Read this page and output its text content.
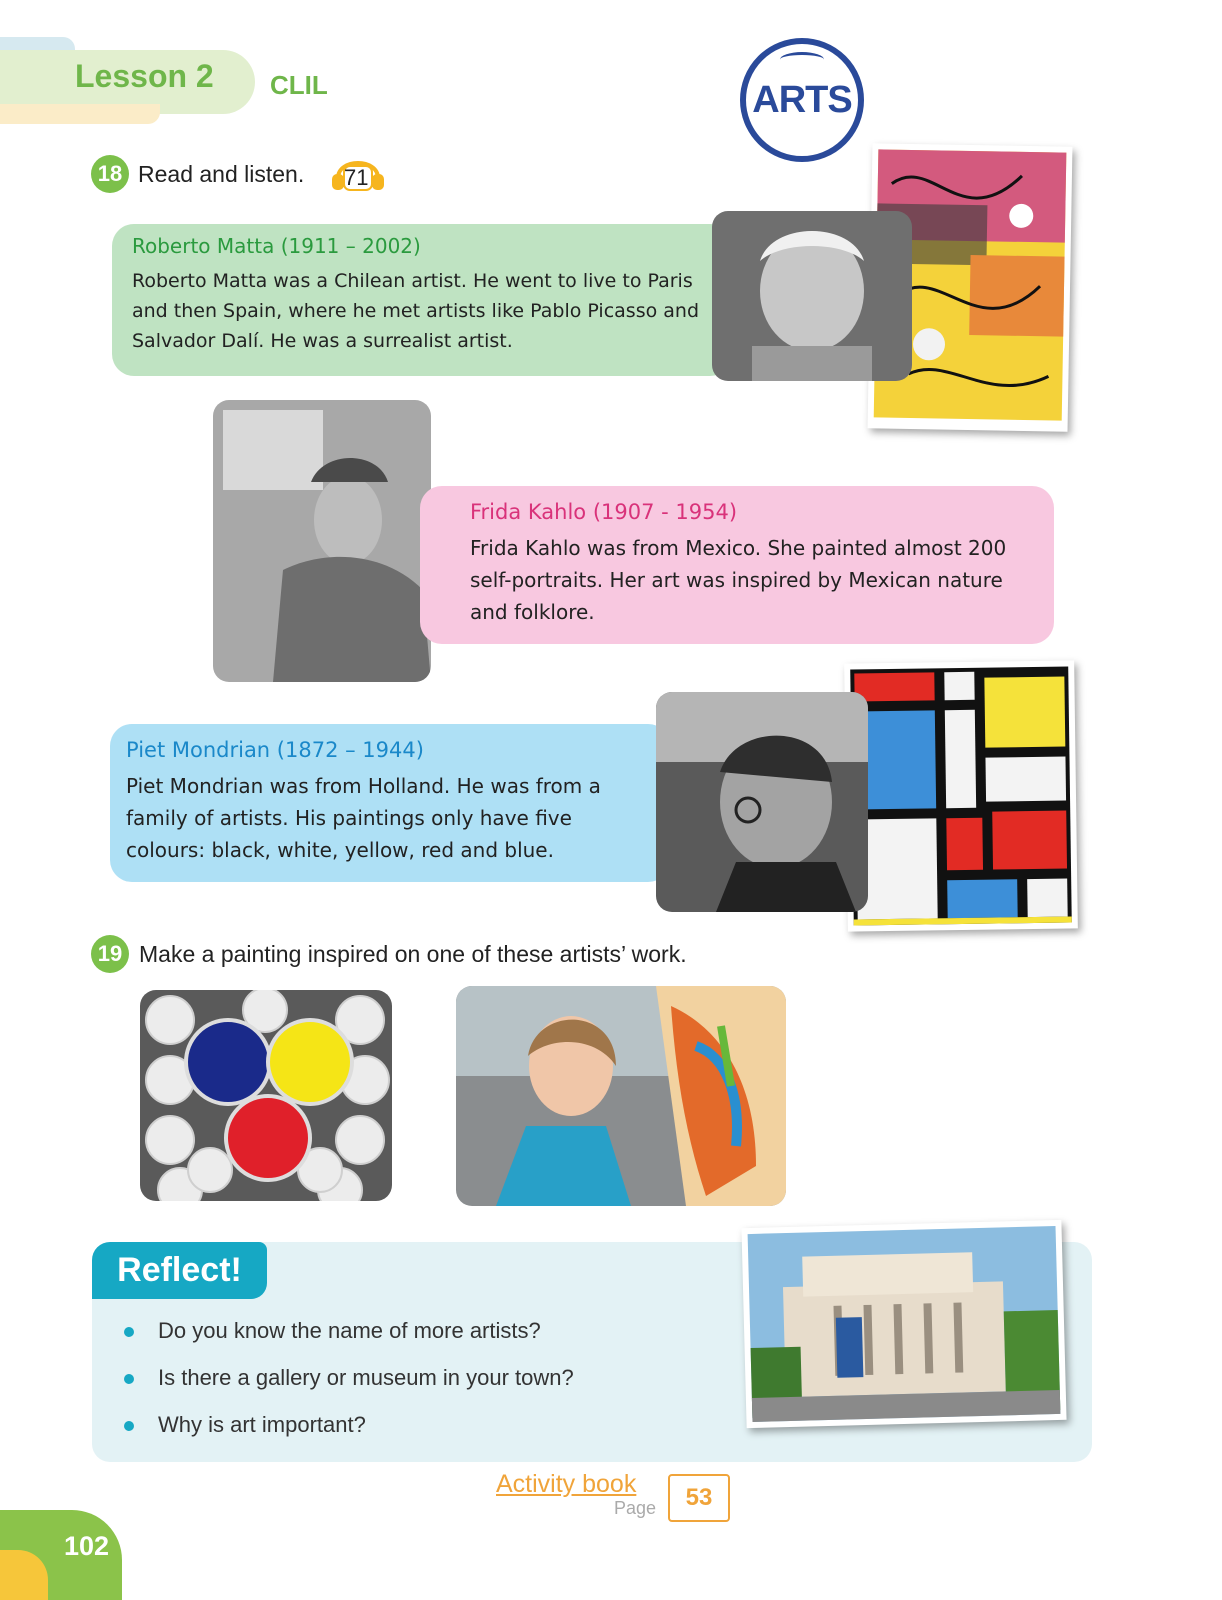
Lesson 2 CLIL	ARTS
18 Read and listen. 71
Roberto Matta (1911 – 2002)
Roberto Matta was a Chilean artist. He went to live to Paris
and then Spain, where he met artists like Pablo Picasso and
Salvador Dalí. He was a surrealist artist.
Frida Kahlo (1907 - 1954)
Frida Kahlo was from Mexico. She painted almost 200
self-portraits. Her art was inspired by Mexican nature
and folklore.
Piet Mondrian (1872 – 1944)
Piet Mondrian was from Holland. He was from a
family of artists. His paintings only have five
colours: black, white, yellow, red and blue.
19 Make a painting inspired on one of these artists’ work.
Reflect!
Do you know the name of more artists?
Is there a gallery or museum in your town?
Why is art important?
Activity book
Page	53
102
